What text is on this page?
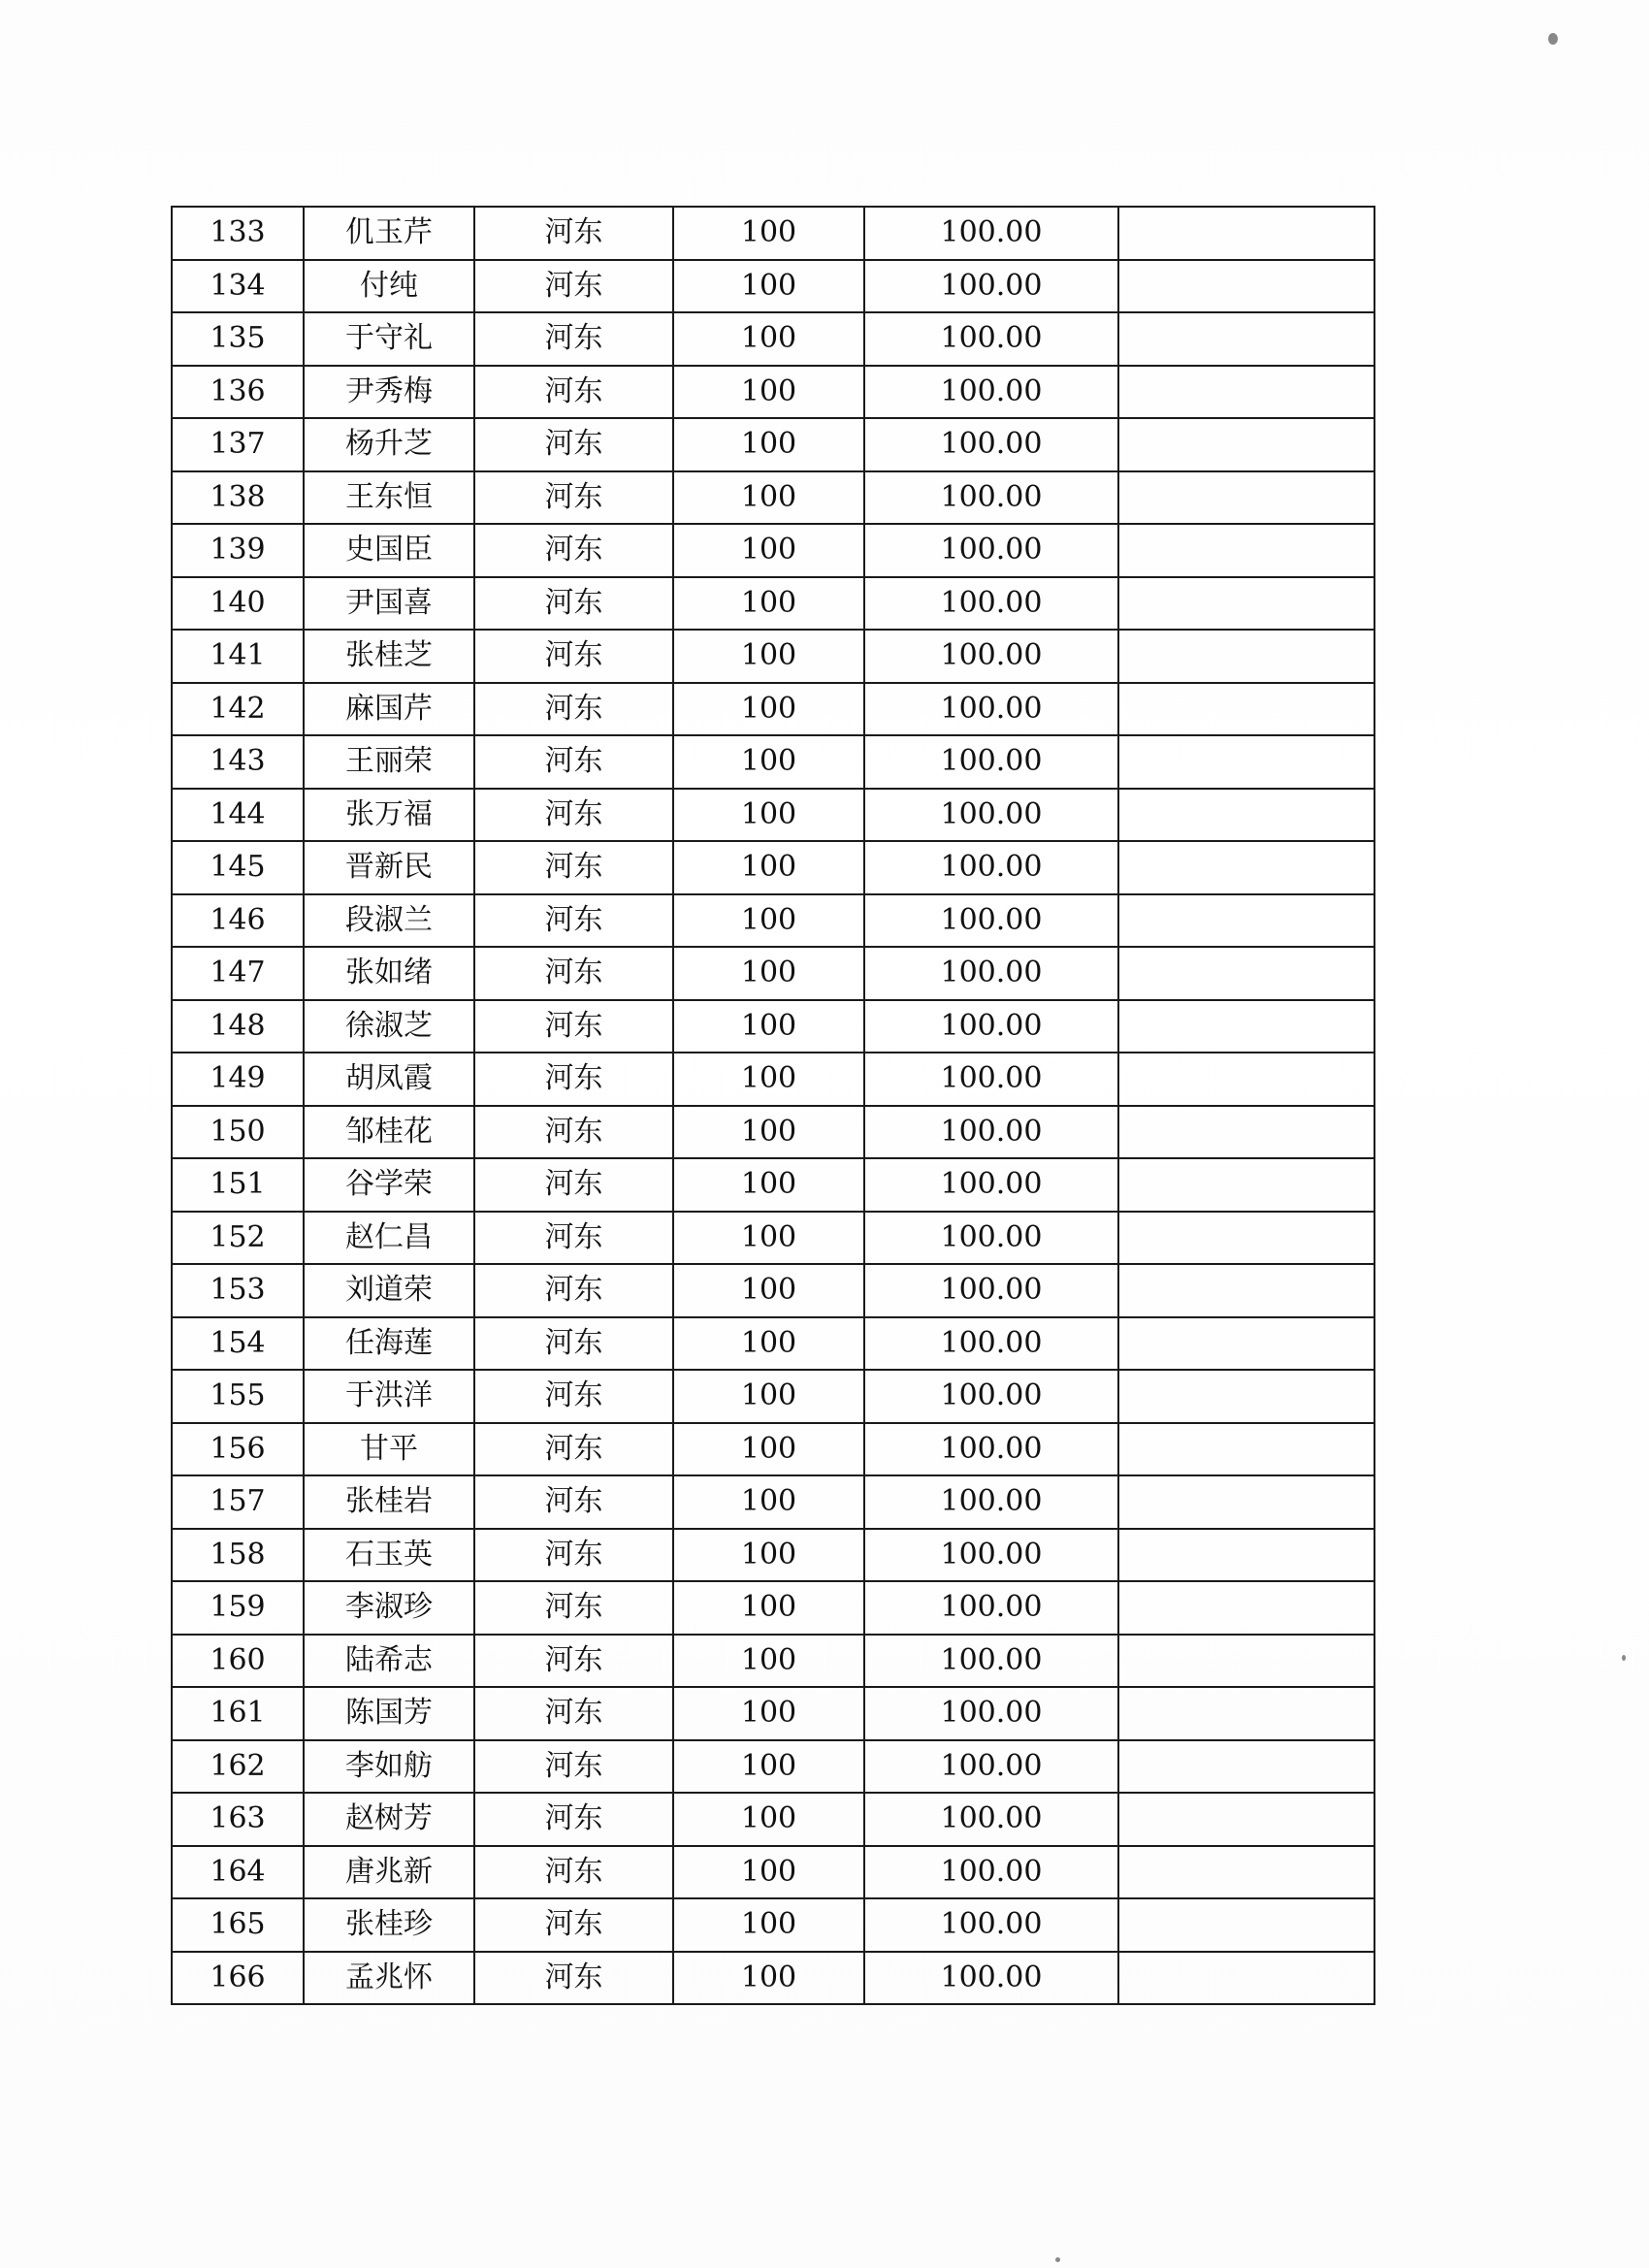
133	仉玉芹	河东	100	100.00	
134	付纯	河东	100	100.00	
135	于守礼	河东	100	100.00	
136	尹秀梅	河东	100	100.00	
137	杨升芝	河东	100	100.00	
138	王东恒	河东	100	100.00	
139	史国臣	河东	100	100.00	
140	尹国喜	河东	100	100.00	
141	张桂芝	河东	100	100.00	
142	麻国芹	河东	100	100.00	
143	王丽荣	河东	100	100.00	
144	张万福	河东	100	100.00	
145	晋新民	河东	100	100.00	
146	段淑兰	河东	100	100.00	
147	张如绪	河东	100	100.00	
148	徐淑芝	河东	100	100.00	
149	胡凤霞	河东	100	100.00	
150	邹桂花	河东	100	100.00	
151	谷学荣	河东	100	100.00	
152	赵仁昌	河东	100	100.00	
153	刘道荣	河东	100	100.00	
154	任海莲	河东	100	100.00	
155	于洪洋	河东	100	100.00	
156	甘平	河东	100	100.00	
157	张桂岩	河东	100	100.00	
158	石玉英	河东	100	100.00	
159	李淑珍	河东	100	100.00	
160	陆希志	河东	100	100.00	
161	陈国芳	河东	100	100.00	
162	李如舫	河东	100	100.00	
163	赵树芳	河东	100	100.00	
164	唐兆新	河东	100	100.00	
165	张桂珍	河东	100	100.00	
166	孟兆怀	河东	100	100.00	
